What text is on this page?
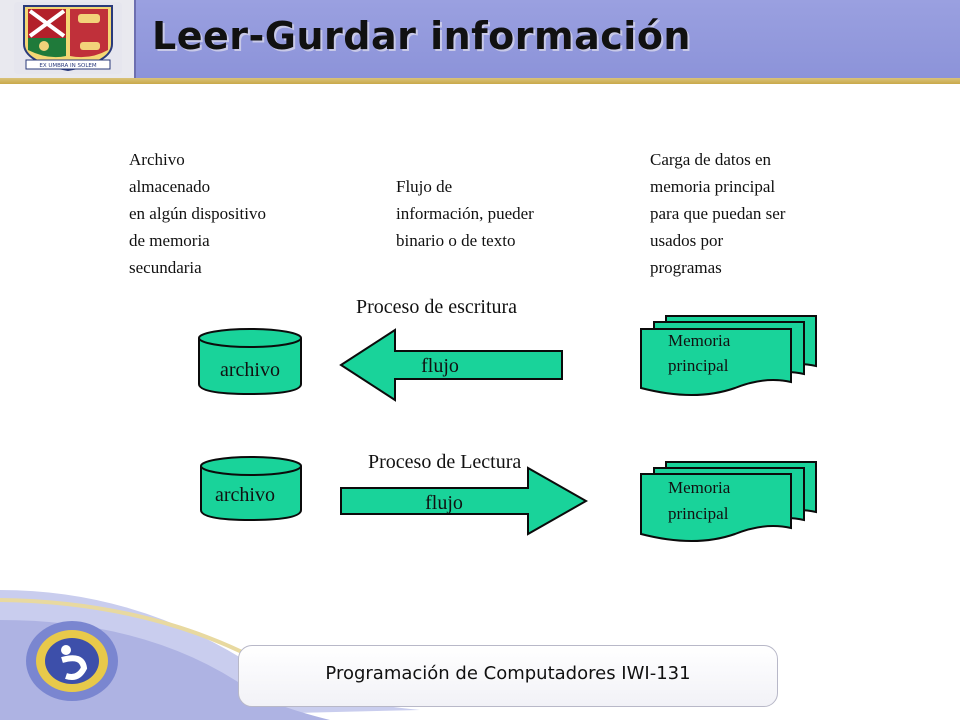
EX UMBRA IN SOLEM
Leer-Gurdar información
Archivo
almacenado
en algún dispositivo
de memoria
secundaria
Flujo de
información, pueder
binario o de texto
Carga de datos en
memoria principal
para que puedan ser
usados por
programas
Proceso de escritura
Proceso de Lectura
archivo	flujo
Memoria
principal
archivo	flujo
Memoria
principal
Programación de Computadores IWI-131
